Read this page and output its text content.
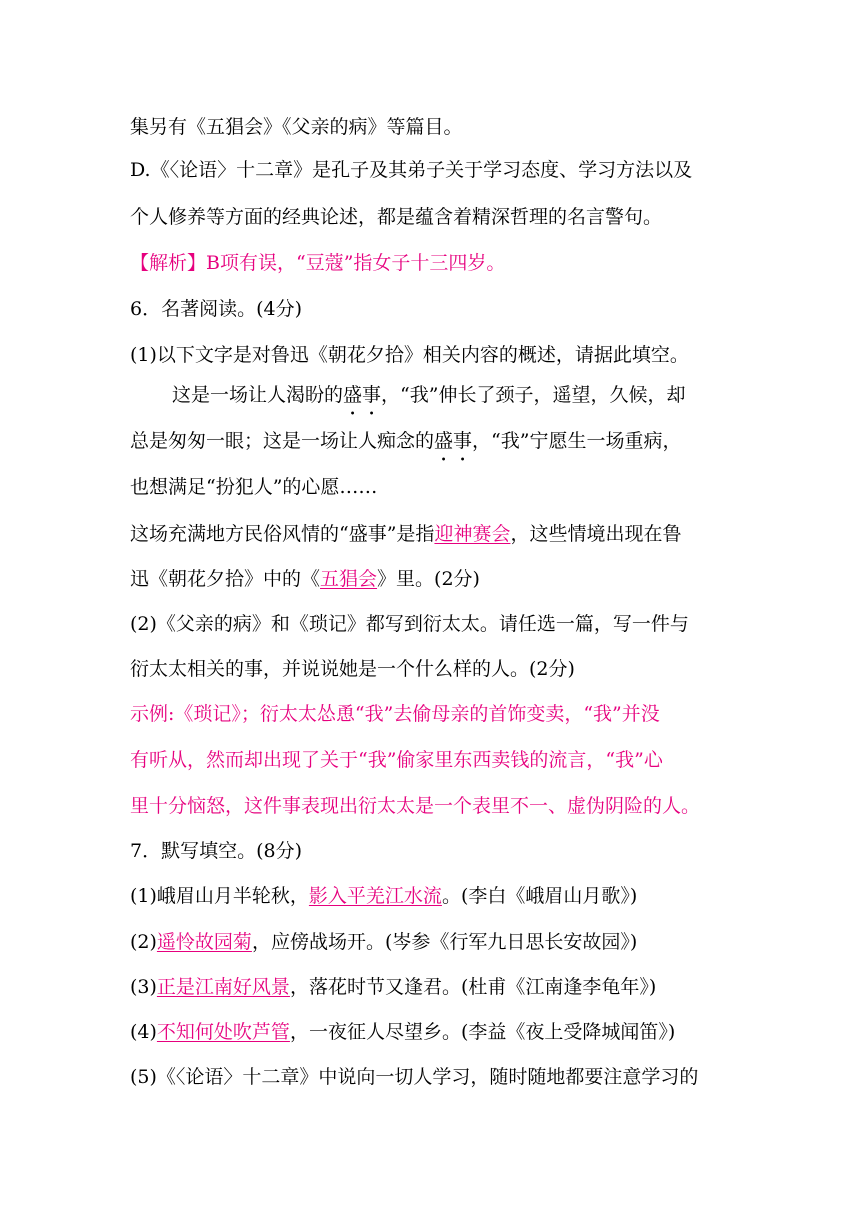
集另有《五猖会》《父亲的病》等篇目。
D.《〈论语〉十二章》是孔子及其弟子关于学习态度、学习方法以及
个人修养等方面的经典论述，都是蕴含着精深哲理的名言警句。
【解析】B项有误，“豆蔻”指女子十三四岁。
6．名著阅读。(4分)
(1)以下文字是对鲁迅《朝花夕拾》相关内容的概述，请据此填空。
这是一场让人渴盼的盛事，“我”伸长了颈子，遥望，久候，却
总是匆匆一眼；这是一场让人痴念的盛事，“我”宁愿生一场重病，
也想满足“扮犯人”的心愿……
这场充满地方民俗风情的“盛事”是指迎神赛会，这些情境出现在鲁
迅《朝花夕拾》中的《五猖会》里。(2分)
(2)《父亲的病》和《琐记》都写到衍太太。请任选一篇，写一件与
衍太太相关的事，并说说她是一个什么样的人。(2分)
示例:《琐记》；衍太太怂恿“我”去偷母亲的首饰变卖，“我”并没
有听从，然而却出现了关于“我”偷家里东西卖钱的流言，“我”心
里十分恼怒，这件事表现出衍太太是一个表里不一、虚伪阴险的人。
7．默写填空。(8分)
(1)峨眉山月半轮秋，影入平羌江水流。(李白《峨眉山月歌》)
(2)遥怜故园菊，应傍战场开。(岑参《行军九日思长安故园》)
(3)正是江南好风景，落花时节又逢君。(杜甫《江南逢李龟年》)
(4)不知何处吹芦管，一夜征人尽望乡。(李益《夜上受降城闻笛》)
(5)《〈论语〉十二章》中说向一切人学习，随时随地都要注意学习的
